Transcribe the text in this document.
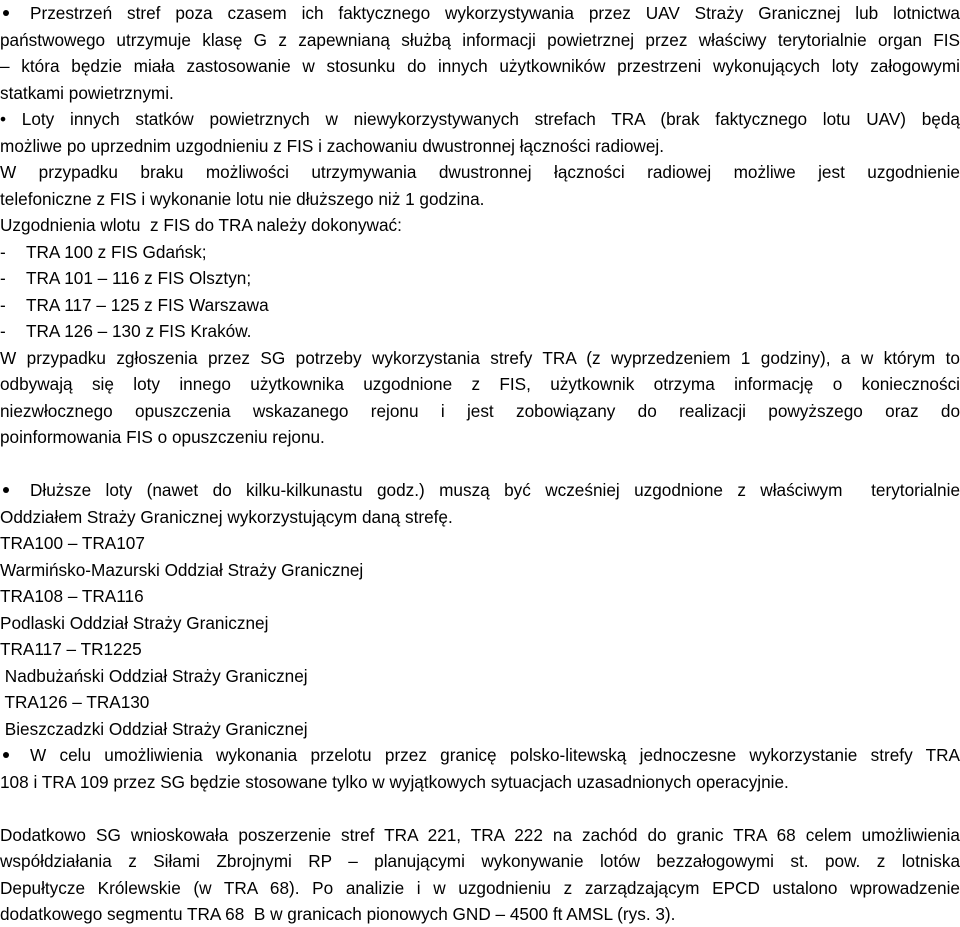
Przestrzeń stref poza czasem ich faktycznego wykorzystywania przez UAV Straży Granicznej lub lotnictwa
państwowego utrzymuje klasę G z zapewnianą służbą informacji powietrznej przez właściwy terytorialnie organ FIS
– która będzie miała zastosowanie w stosunku do innych użytkowników przestrzeni wykonujących loty załogowymi
statkami powietrznymi.
• Loty innych statków powietrznych w niewykorzystywanych strefach TRA (brak faktycznego lotu UAV) będą
możliwe po uprzednim uzgodnieniu z FIS i zachowaniu dwustronnej łączności radiowej.
W przypadku braku możliwości utrzymywania dwustronnej łączności radiowej możliwe jest uzgodnienie
telefoniczne z FIS i wykonanie lotu nie dłuższego niż 1 godzina.
Uzgodnienia wlotu  z FIS do TRA należy dokonywać:
- TRA 100 z FIS Gdańsk;
- TRA 101 – 116 z FIS Olsztyn;
- TRA 117 – 125 z FIS Warszawa
- TRA 126 – 130 z FIS Kraków.
W przypadku zgłoszenia przez SG potrzeby wykorzystania strefy TRA (z wyprzedzeniem 1 godziny), a w którym to
odbywają się loty innego użytkownika uzgodnione z FIS, użytkownik otrzyma informację o konieczności
niezwłocznego opuszczenia wskazanego rejonu i jest zobowiązany do realizacji powyższego oraz do
poinformowania FIS o opuszczeniu rejonu.
Dłuższe loty (nawet do kilku-kilkunastu godz.) muszą być wcześniej uzgodnione z właściwym  terytorialnie
Oddziałem Straży Granicznej wykorzystującym daną strefę.
TRA100 – TRA107
Warmińsko-Mazurski Oddział Straży Granicznej
TRA108 – TRA116
Podlaski Oddział Straży Granicznej
TRA117 – TR1225
Nadbużański Oddział Straży Granicznej
TRA126 – TRA130
Bieszczadzki Oddział Straży Granicznej
W celu umożliwienia wykonania przelotu przez granicę polsko-litewską jednoczesne wykorzystanie strefy TRA
108 i TRA 109 przez SG będzie stosowane tylko w wyjątkowych sytuacjach uzasadnionych operacyjnie.
Dodatkowo SG wnioskowała poszerzenie stref TRA 221, TRA 222 na zachód do granic TRA 68 celem umożliwienia
współdziałania z Siłami Zbrojnymi RP – planującymi wykonywanie lotów bezzałogowymi st. pow. z lotniska
Depułtycze Królewskie (w TRA 68). Po analizie i w uzgodnieniu z zarządzającym EPCD ustalono wprowadzenie
dodatkowego segmentu TRA 68  B w granicach pionowych GND – 4500 ft AMSL (rys. 3).
